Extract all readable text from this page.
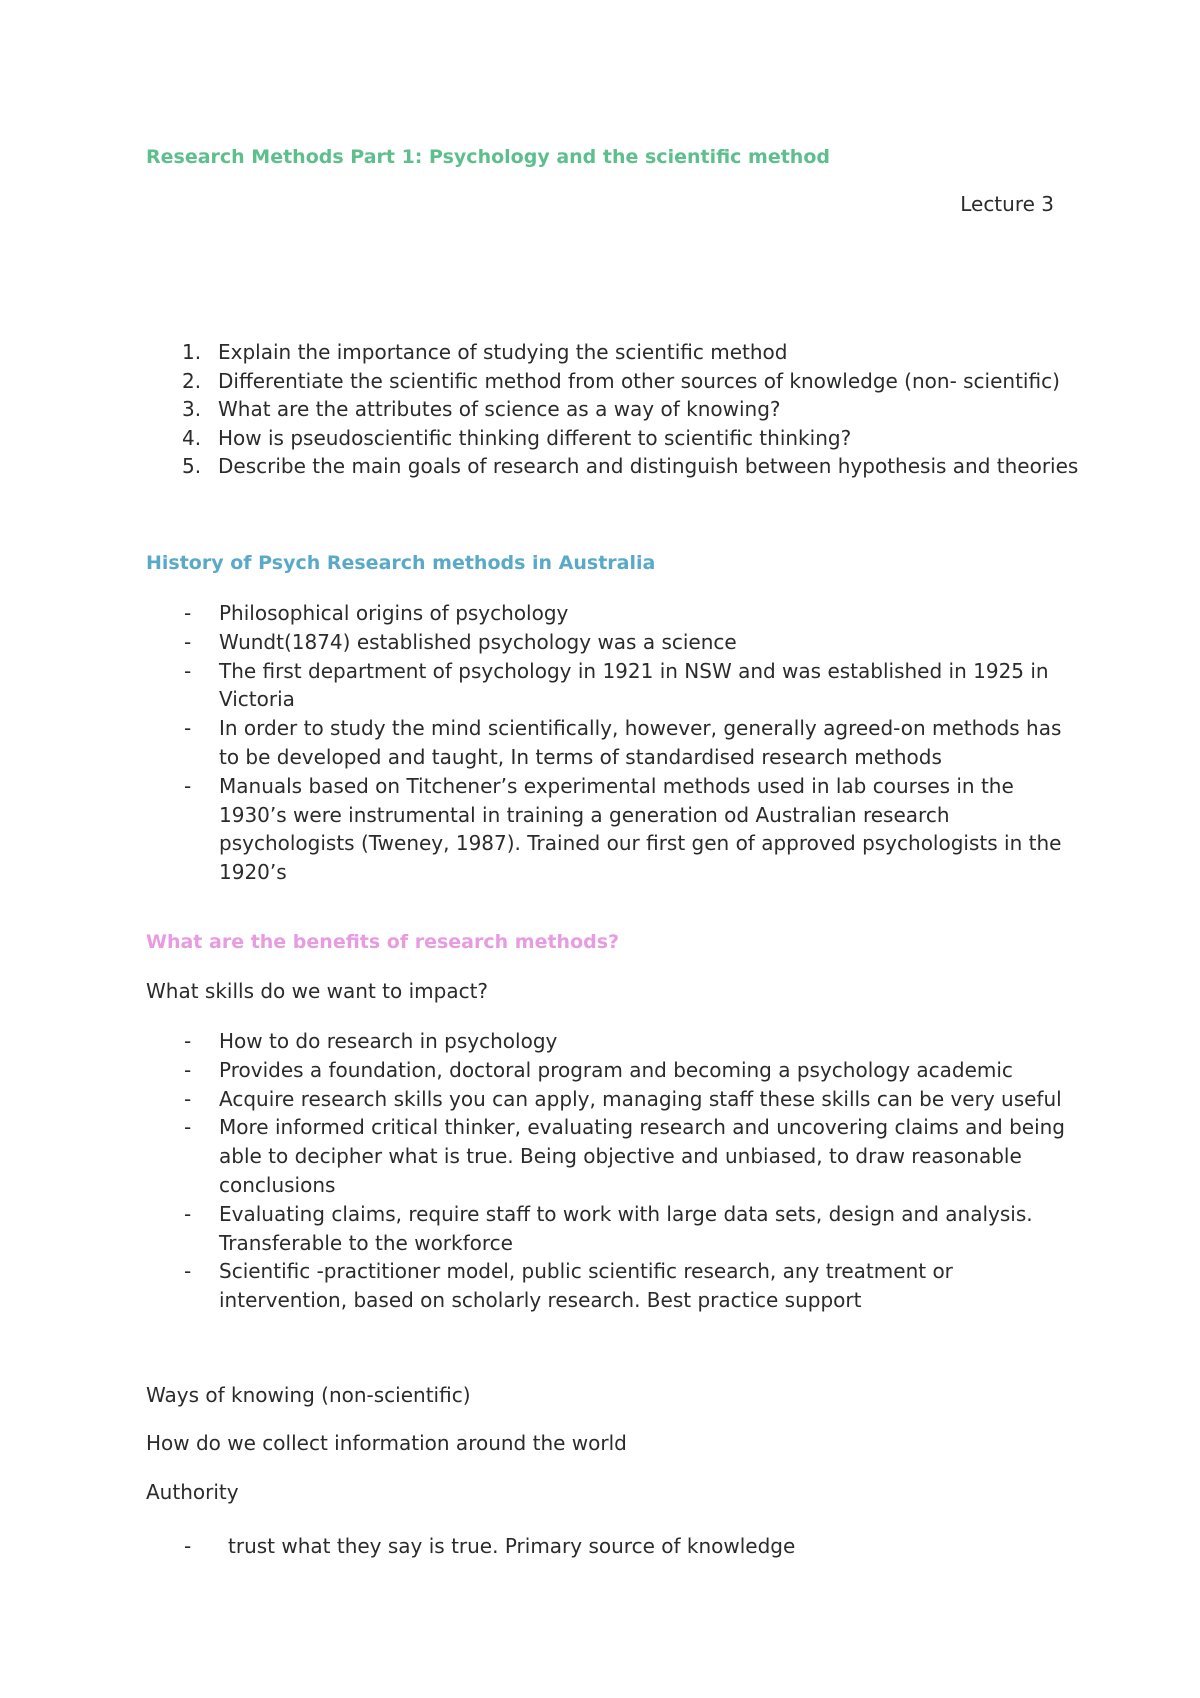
Research Methods Part 1: Psychology and the scientific method
Lecture 3
1. Explain the importance of studying the scientific method
2. Differentiate the scientific method from other sources of knowledge (non- scientific)
3. What are the attributes of science as a way of knowing?
4. How is pseudoscientific thinking different to scientific thinking?
5. Describe the main goals of research and distinguish between hypothesis and theories
History of Psych Research methods in Australia
- Philosophical origins of psychology
- Wundt(1874) established psychology was a science
- The first department of psychology in 1921 in NSW and was established in 1925 in Victoria
- In order to study the mind scientifically, however, generally agreed-on methods has to be developed and taught, In terms of standardised research methods
- Manuals based on Titchener’s experimental methods used in lab courses in the 1930’s were instrumental in training a generation od Australian research psychologists (Tweney, 1987). Trained our first gen of approved psychologists in the 1920’s
What are the benefits of research methods?
What skills do we want to impact?
- How to do research in psychology
- Provides a foundation, doctoral program and becoming a psychology academic
- Acquire research skills you can apply, managing staff these skills can be very useful
- More informed critical thinker, evaluating research and uncovering claims and being able to decipher what is true. Being objective and unbiased, to draw reasonable conclusions
- Evaluating claims, require staff to work with large data sets, design and analysis. Transferable to the workforce
- Scientific -practitioner model, public scientific research, any treatment or intervention, based on scholarly research. Best practice support
Ways of knowing (non-scientific)
How do we collect information around the world
Authority
- trust what they say is true. Primary source of knowledge
